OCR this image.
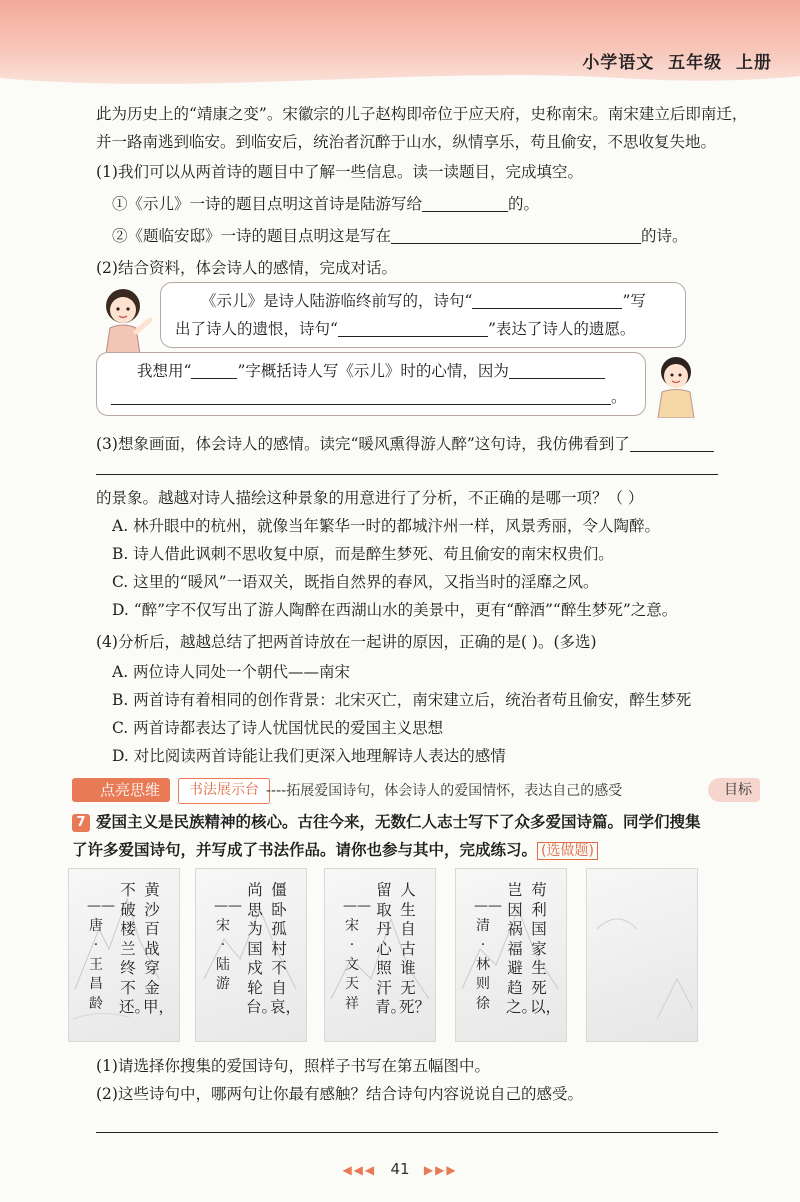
小学语文 五年级 上册
此为历史上的“靖康之变”。宋徽宗的儿子赵构即帝位于应天府，史称南宋。南宋建立后即南迁，
并一路南逃到临安。到临安后，统治者沉醉于山水，纵情享乐，苟且偷安，不思收复失地。
(1)我们可以从两首诗的题目中了解一些信息。读一读题目，完成填空。
①《示儿》一诗的题目点明这首诗是陆游写给	的。
②《题临安邸》一诗的题目点明这是写在	的诗。
(2)结合资料，体会诗人的感情，完成对话。
《示儿》是诗人陆游临终前写的，诗句“	”写
出了诗人的遗恨，诗句“	”表达了诗人的遗愿。
我想用“	”字概括诗人写《示儿》时的心情，因为
。
(3)想象画面，体会诗人的感情。读完“暖风熏得游人醉”这句诗，我仿佛看到了
的景象。越越对诗人描绘这种景象的用意进行了分析，不正确的是哪一项？（ ）
A. 林升眼中的杭州，就像当年繁华一时的都城汴州一样，风景秀丽，令人陶醉。
B. 诗人借此讽刺不思收复中原，而是醉生梦死、苟且偷安的南宋权贵们。
C. 这里的“暖风”一语双关，既指自然界的春风，又指当时的淫靡之风。
D. “醉”字不仅写出了游人陶醉在西湖山水的美景中，更有“醉酒”“醉生梦死”之意。
(4)分析后，越越总结了把两首诗放在一起讲的原因，正确的是( )。(多选)
A. 两位诗人同处一个朝代——南宋
B. 两首诗有着相同的创作背景：北宋灭亡，南宋建立后，统治者苟且偷安，醉生梦死
C. 两首诗都表达了诗人忧国忧民的爱国主义思想
D. 对比阅读两首诗能让我们更深入地理解诗人表达的感情
点亮思维	书法展示台 ----拓展爱国诗句，体会诗人的爱国情怀，表达自己的感受	目标
7 爱国主义是民族精神的核心。古往今来，无数仁人志士写下了众多爱国诗篇。同学们搜集
了许多爱国诗句，并写成了书法作品。请你也参与其中，完成练习。 (选做题)
黄沙百战穿金甲，
不破楼兰终不还。
——唐·王昌龄
僵卧孤村不自哀，
尚思为国戍轮台。
——宋·陆游
人生自古谁无死？
留取丹心照汗青。
——宋·文天祥
苟利国家生死以，
岂因祸福避趋之。
——清·林则徐
(1)请选择你搜集的爱国诗句，照样子书写在第五幅图中。
(2)这些诗句中，哪两句让你最有感触？结合诗句内容说说自己的感受。
◀◀◀ 41 ▶▶▶
